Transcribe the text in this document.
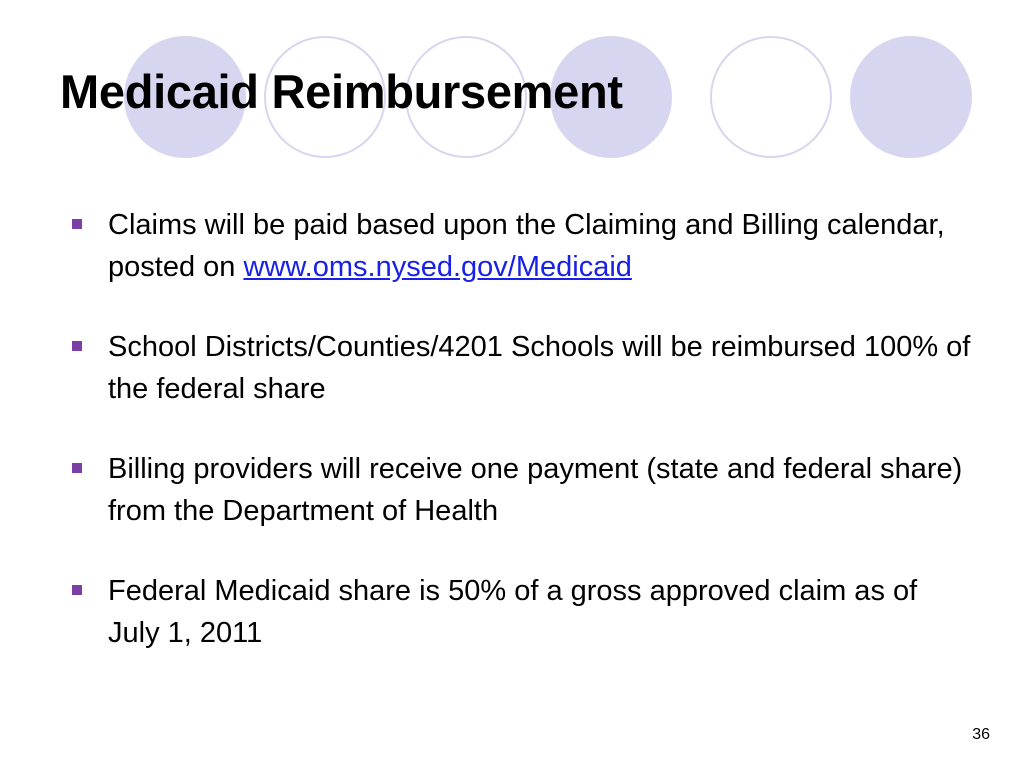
Medicaid Reimbursement
Claims will be paid based upon the Claiming and Billing calendar, posted on www.oms.nysed.gov/Medicaid
School Districts/Counties/4201 Schools will be reimbursed 100% of the federal share
Billing providers will receive one payment (state and federal share) from the Department of Health
Federal Medicaid share is 50% of a gross approved claim as of July 1, 2011
36
